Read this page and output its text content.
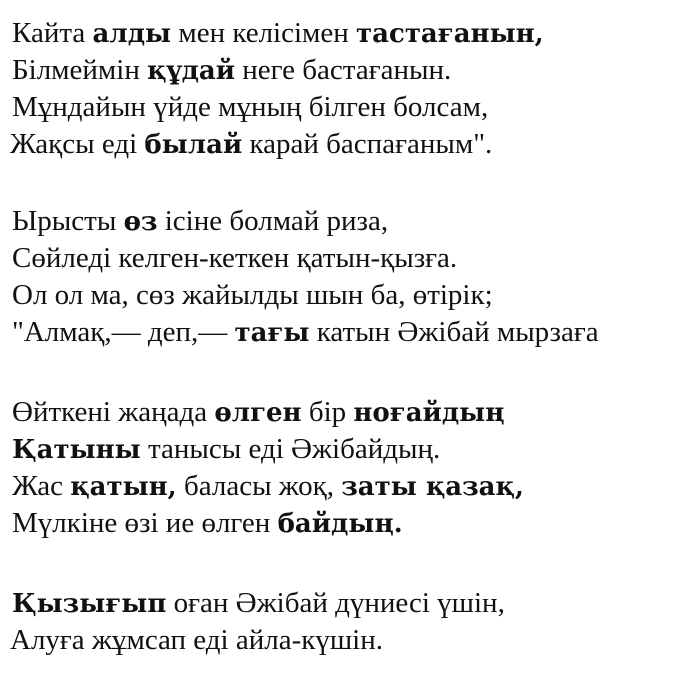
Кайта алды мен келісімен тастағанын,
Білмеймін құдай неге бастағанын.
Мұндайын үйде мұның білген болсам,
Жақсы еді былай карай баспағаным".
Ырысты өз ісіне болмай риза,
Сөйледі келген-кеткен қатын-қызға.
Ол ол ма, сөз жайылды шын ба, өтірік;
"Алмақ,— деп,— тағы катын Әжібай мырзаға
Өйткені жаңада өлген бір ноғайдың
Қатыны танысы еді Әжібайдың.
Жас қатын, баласы жоқ, заты қазақ,
Мүлкіне өзі ие өлген байдың.
Қызығып оған Әжібай дүниесі үшін,
Алуға жұмсап еді айла-күшін.
